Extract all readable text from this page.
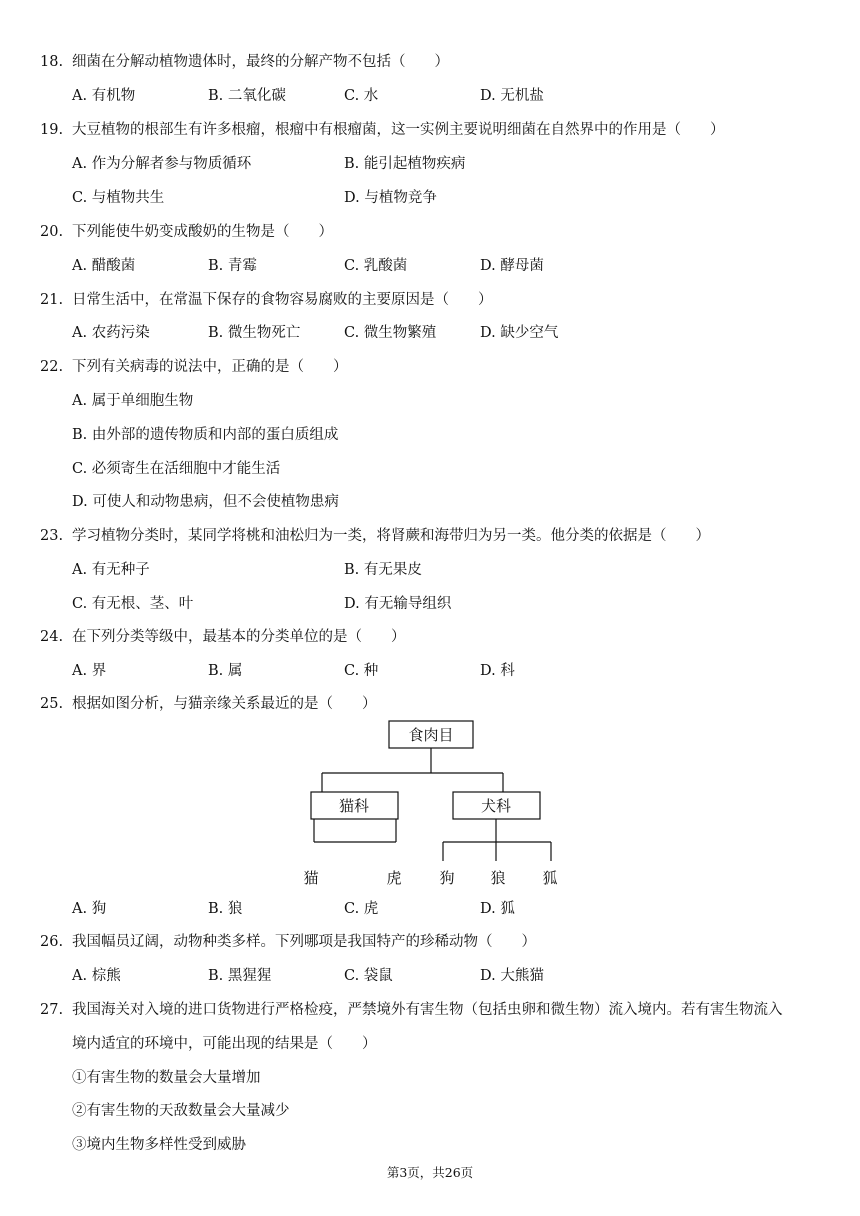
18. 细菌在分解动植物遗体时，最终的分解产物不包括（　　）
A. 有机物	B. 二氧化碳	C. 水	D. 无机盐
19. 大豆植物的根部生有许多根瘤，根瘤中有根瘤菌，这一实例主要说明细菌在自然界中的作用是（　　）
A. 作为分解者参与物质循环	B. 能引起植物疾病
C. 与植物共生	D. 与植物竞争
20. 下列能使牛奶变成酸奶的生物是（　　）
A. 醋酸菌	B. 青霉	C. 乳酸菌	D. 酵母菌
21. 日常生活中，在常温下保存的食物容易腐败的主要原因是（　　）
A. 农药污染	B. 微生物死亡	C. 微生物繁殖	D. 缺少空气
22. 下列有关病毒的说法中，正确的是（　　）
A. 属于单细胞生物
B. 由外部的遗传物质和内部的蛋白质组成
C. 必须寄生在活细胞中才能生活
D. 可使人和动物患病，但不会使植物患病
23. 学习植物分类时，某同学将桃和油松归为一类，将肾蕨和海带归为另一类。他分类的依据是（　　）
A. 有无种子	B. 有无果皮
C. 有无根、茎、叶	D. 有无输导组织
24. 在下列分类等级中，最基本的分类单位的是（　　）
A. 界	B. 属	C. 种	D. 科
25. 根据如图分析，与猫亲缘关系最近的是（　　）
食肉目
猫科	犬科
猫	虎	狗 狼 狐
A. 狗	B. 狼	C. 虎	D. 狐
26. 我国幅员辽阔，动物种类多样。下列哪项是我国特产的珍稀动物（　　）
A. 棕熊	B. 黑猩猩	C. 袋鼠	D. 大熊猫
27. 我国海关对入境的进口货物进行严格检疫，严禁境外有害生物（包括虫卵和微生物）流入境内。若有害生物流入
境内适宜的环境中，可能出现的结果是（　　）
①有害生物的数量会大量增加
②有害生物的天敌数量会大量减少
③境内生物多样性受到威胁
第3页，共26页
